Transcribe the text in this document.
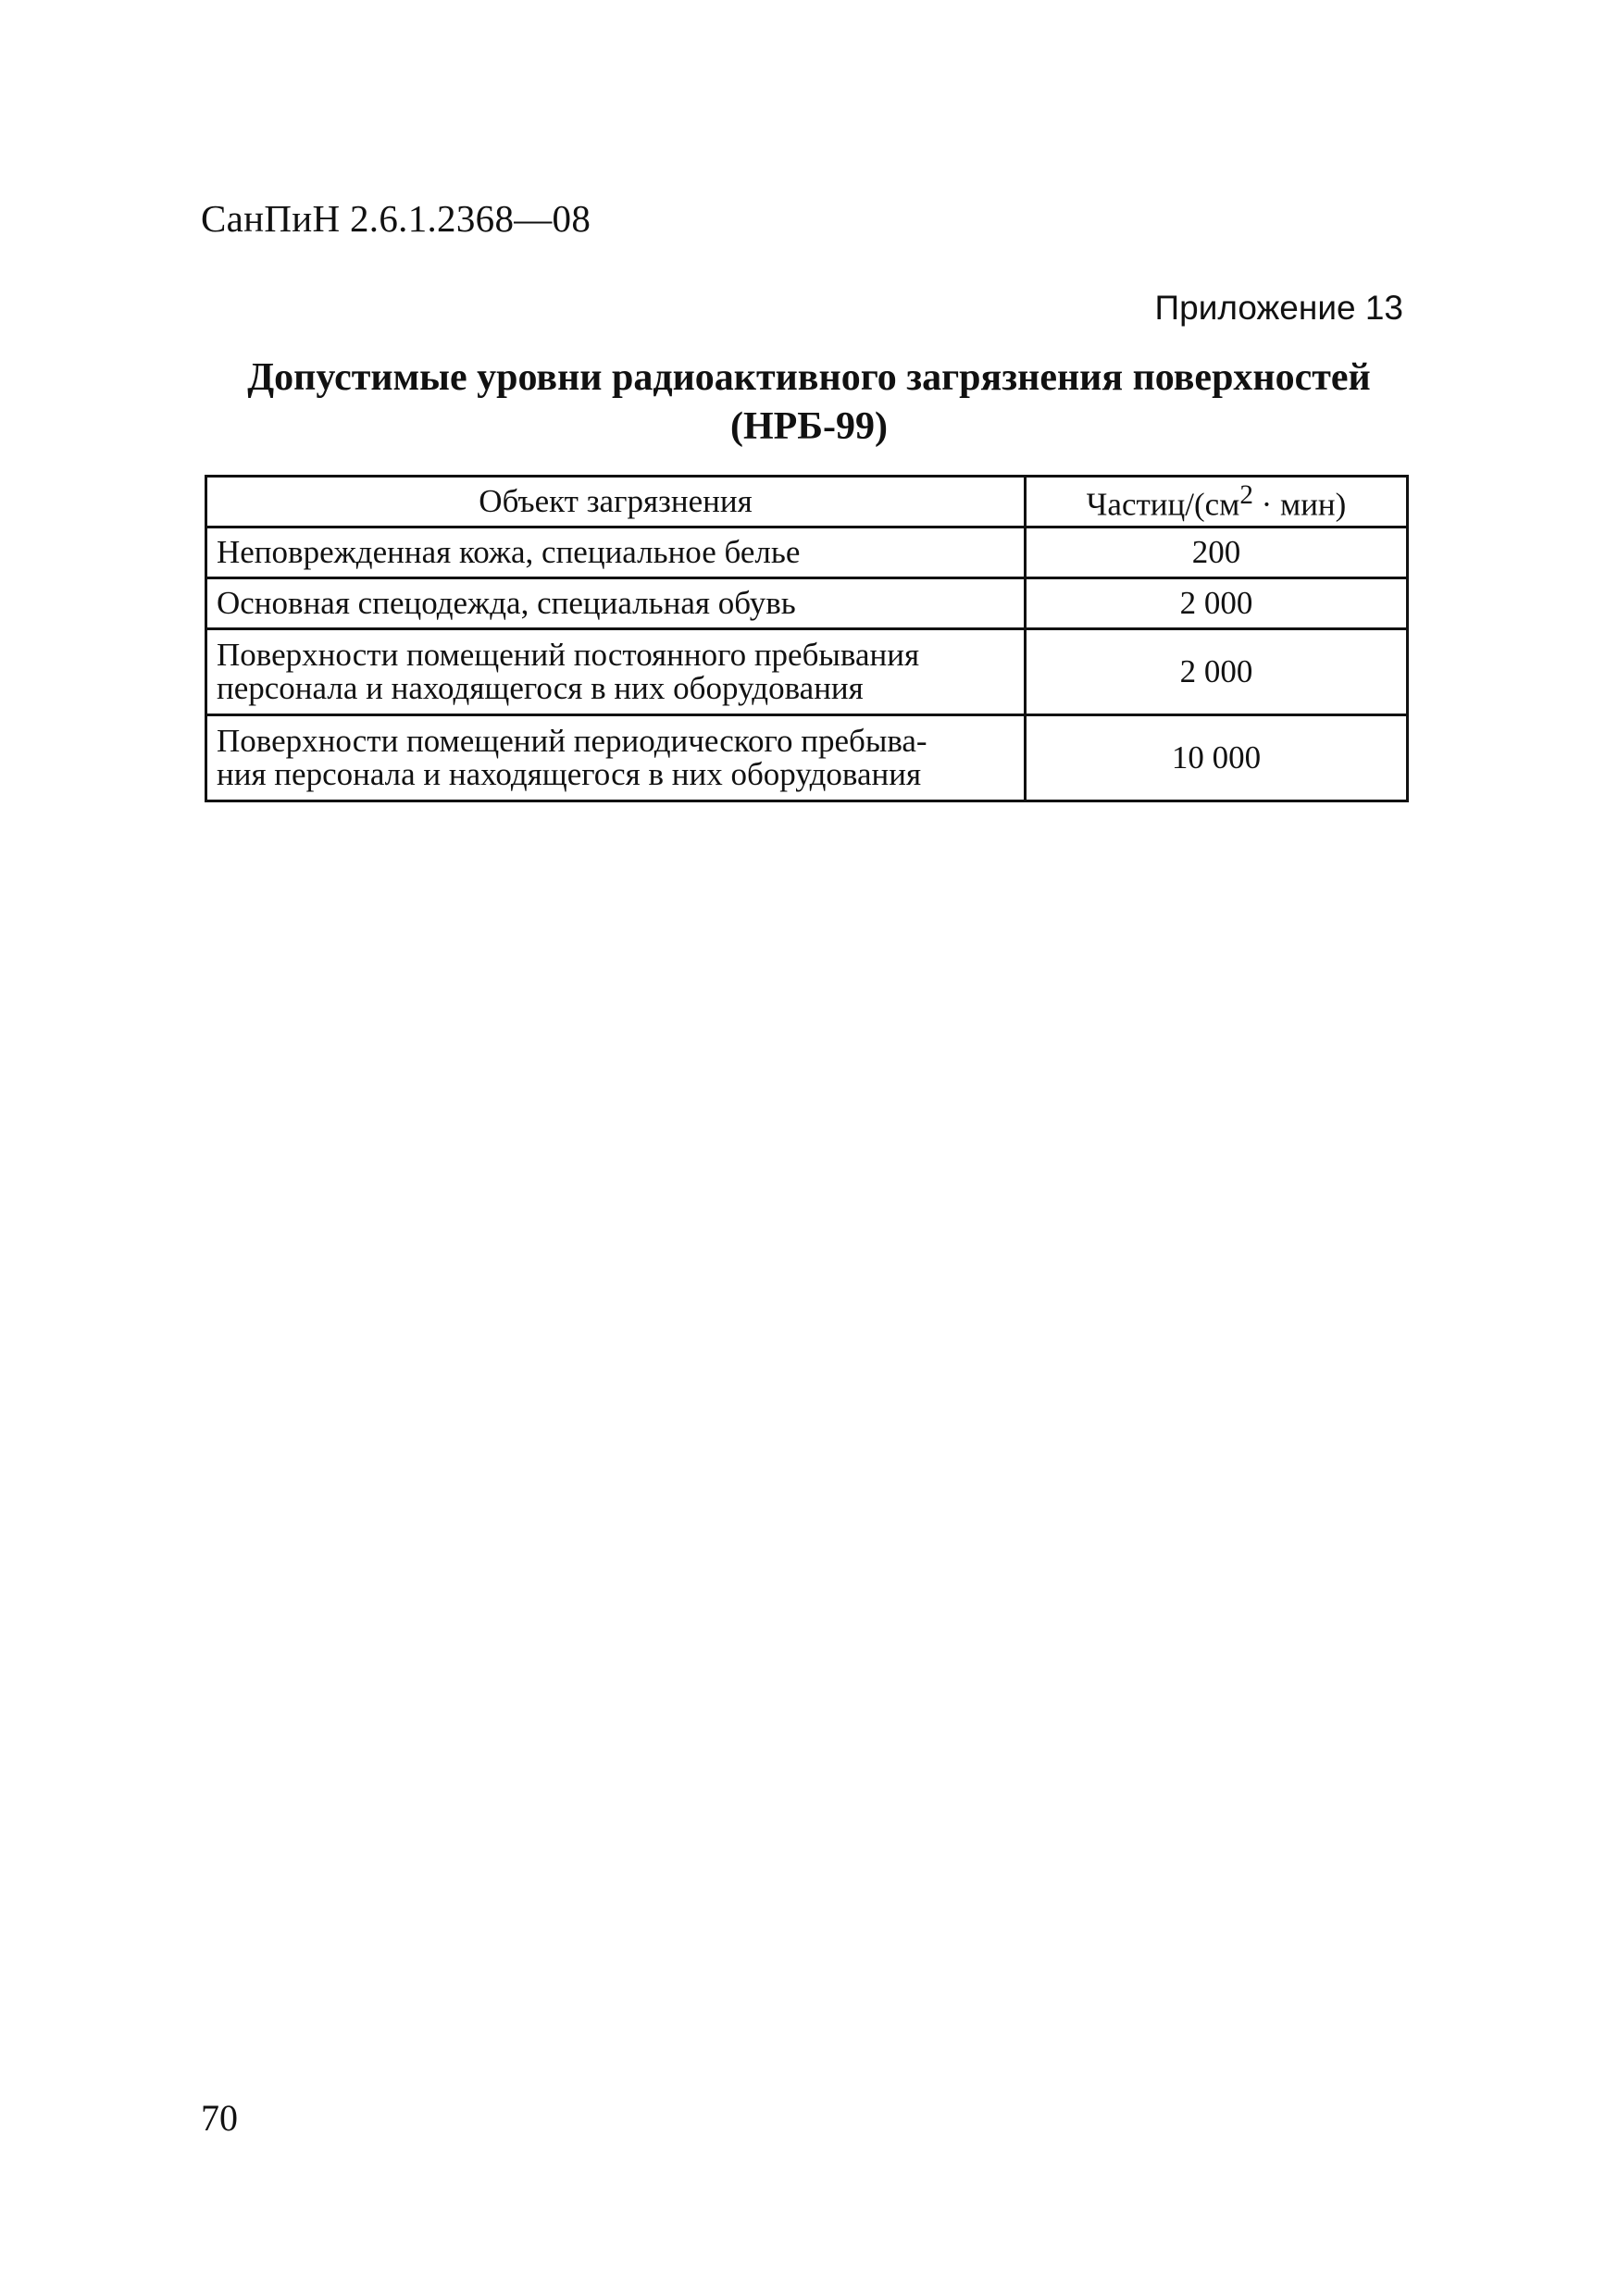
СанПиН 2.6.1.2368—08
Приложение 13
Допустимые уровни радиоактивного загрязнения поверхностей
(НРБ-99)
Объект загрязнения	Частиц/$(см^2 \cdot мин)$
Неповрежденная кожа, специальное белье	200
Основная спецодежда, специальная обувь	2 000
Поверхности помещений постоянного пребывания
персонала и находящегося в них оборудования	2 000
Поверхности помещений периодического пребыва-
ния персонала и находящегося в них оборудования	10 000
70
